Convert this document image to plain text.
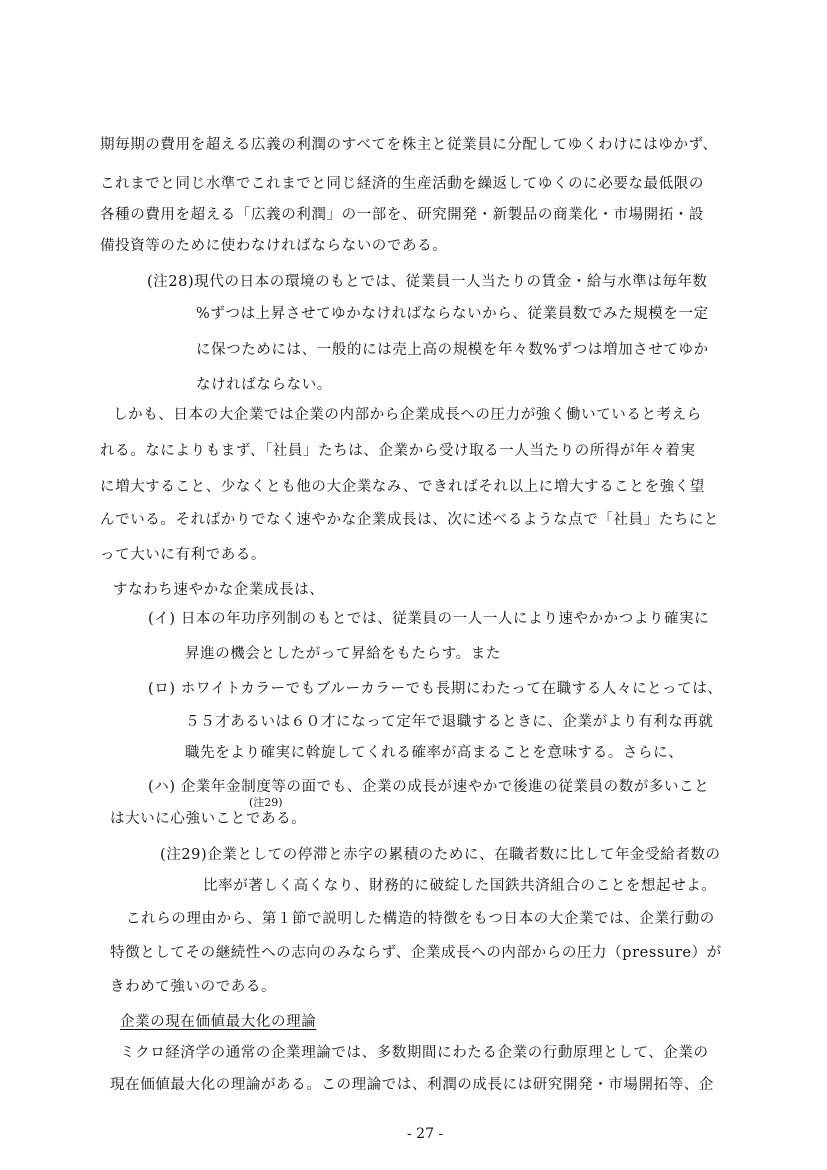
期毎期の費用を超える広義の利潤のすべてを株主と従業員に分配してゆくわけにはゆかず、
これまでと同じ水準でこれまでと同じ経済的生産活動を繰返してゆくのに必要な最低限の
各種の費用を超える「広義の利潤」の一部を、研究開発・新製品の商業化・市場開拓・設
備投資等のために使わなければならないのである。
(注28)現代の日本の環境のもとでは、従業員一人当たりの賃金・給与水準は毎年数
%ずつは上昇させてゆかなければならないから、従業員数でみた規模を一定
に保つためには、一般的には売上高の規模を年々数%ずつは増加させてゆか
なければならない。
しかも、日本の大企業では企業の内部から企業成長への圧力が強く働いていると考えら
れる。なによりもまず、「社員」たちは、企業から受け取る一人当たりの所得が年々着実
に増大すること、少なくとも他の大企業なみ、できればそれ以上に増大することを強く望
んでいる。そればかりでなく速やかな企業成長は、次に述べるような点で「社員」たちにと
って大いに有利である。
すなわち速やかな企業成長は、
(イ) 日本の年功序列制のもとでは、従業員の一人一人により速やかかつより確実に
昇進の機会としたがって昇給をもたらす。また
(ロ) ホワイトカラーでもブルーカラーでも長期にわたって在職する人々にとっては、
５５才あるいは６０才になって定年で退職するときに、企業がより有利な再就
職先をより確実に斡旋してくれる確率が高まることを意味する。さらに、
(ハ) 企業年金制度等の面でも、企業の成長が速やかで後進の従業員の数が多いこと
(注29)
は大いに心強いことである。
(注29)企業としての停滞と赤字の累積のために、在職者数に比して年金受給者数の
比率が著しく高くなり、財務的に破綻した国鉄共済組合のことを想起せよ。
これらの理由から、第１節で説明した構造的特徴をもつ日本の大企業では、企業行動の
特徴としてその継続性への志向のみならず、企業成長への内部からの圧力（pressure）が
きわめて強いのである。
企業の現在価値最大化の理論
ミクロ経済学の通常の企業理論では、多数期間にわたる企業の行動原理として、企業の
現在価値最大化の理論がある。この理論では、利潤の成長には研究開発・市場開拓等、企
- 27 -
